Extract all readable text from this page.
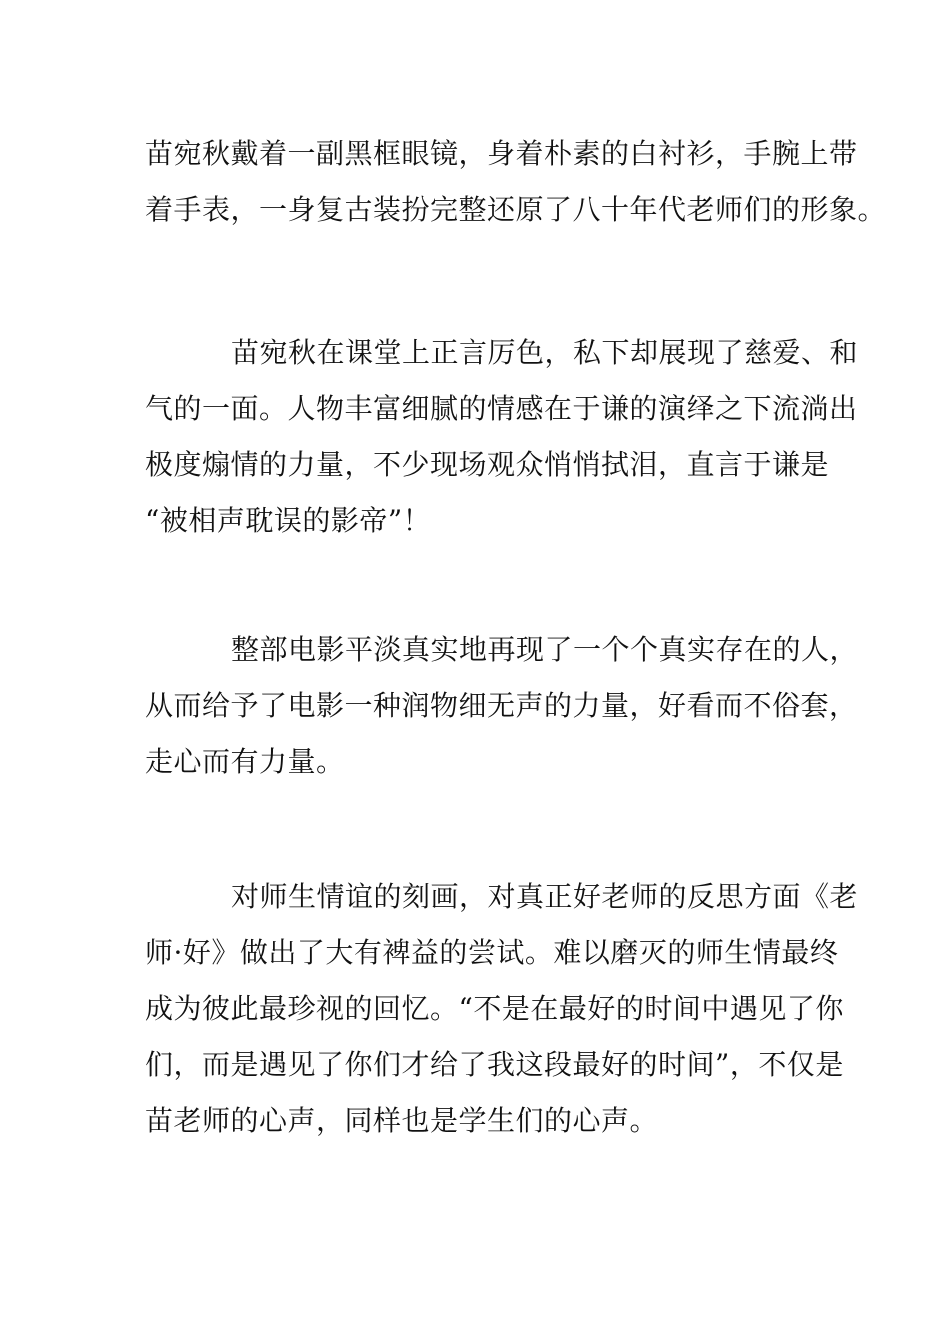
苗宛秋戴着一副黑框眼镜，身着朴素的白衬衫，手腕上带
着手表，一身复古装扮完整还原了八十年代老师们的形象。

苗宛秋在课堂上正言厉色，私下却展现了慈爱、和
气的一面。人物丰富细腻的情感在于谦的演绎之下流淌出
极度煽情的力量，不少现场观众悄悄拭泪，直言于谦是
“被相声耽误的影帝”！

整部电影平淡真实地再现了一个个真实存在的人，
从而给予了电影一种润物细无声的力量，好看而不俗套，
走心而有力量。

对师生情谊的刻画，对真正好老师的反思方面《老
师·好》做出了大有裨益的尝试。难以磨灭的师生情最终
成为彼此最珍视的回忆。“不是在最好的时间中遇见了你
们，而是遇见了你们才给了我这段最好的时间”，不仅是
苗老师的心声，同样也是学生们的心声。
